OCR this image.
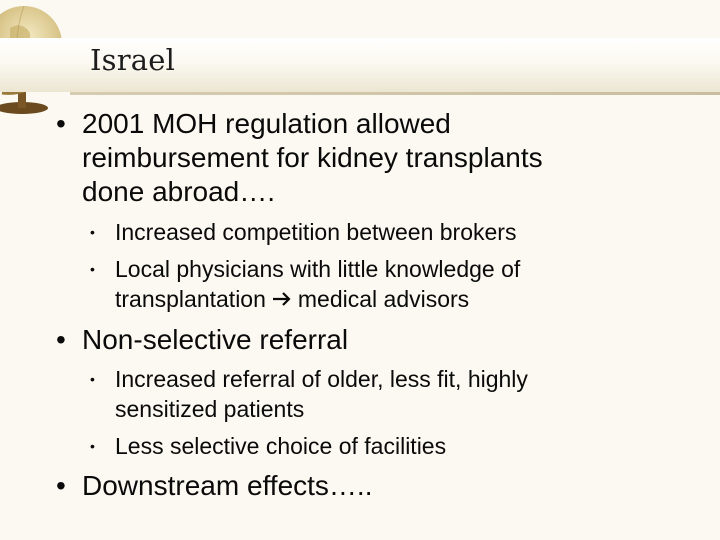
Israel
• 2001 MOH regulation allowed
reimbursement for kidney transplants
done abroad….
• Increased competition between brokers
• Local physicians with little knowledge of
transplantation medical advisors
• Non-selective referral
• Increased referral of older, less fit, highly
sensitized patients
• Less selective choice of facilities
• Downstream effects…..
